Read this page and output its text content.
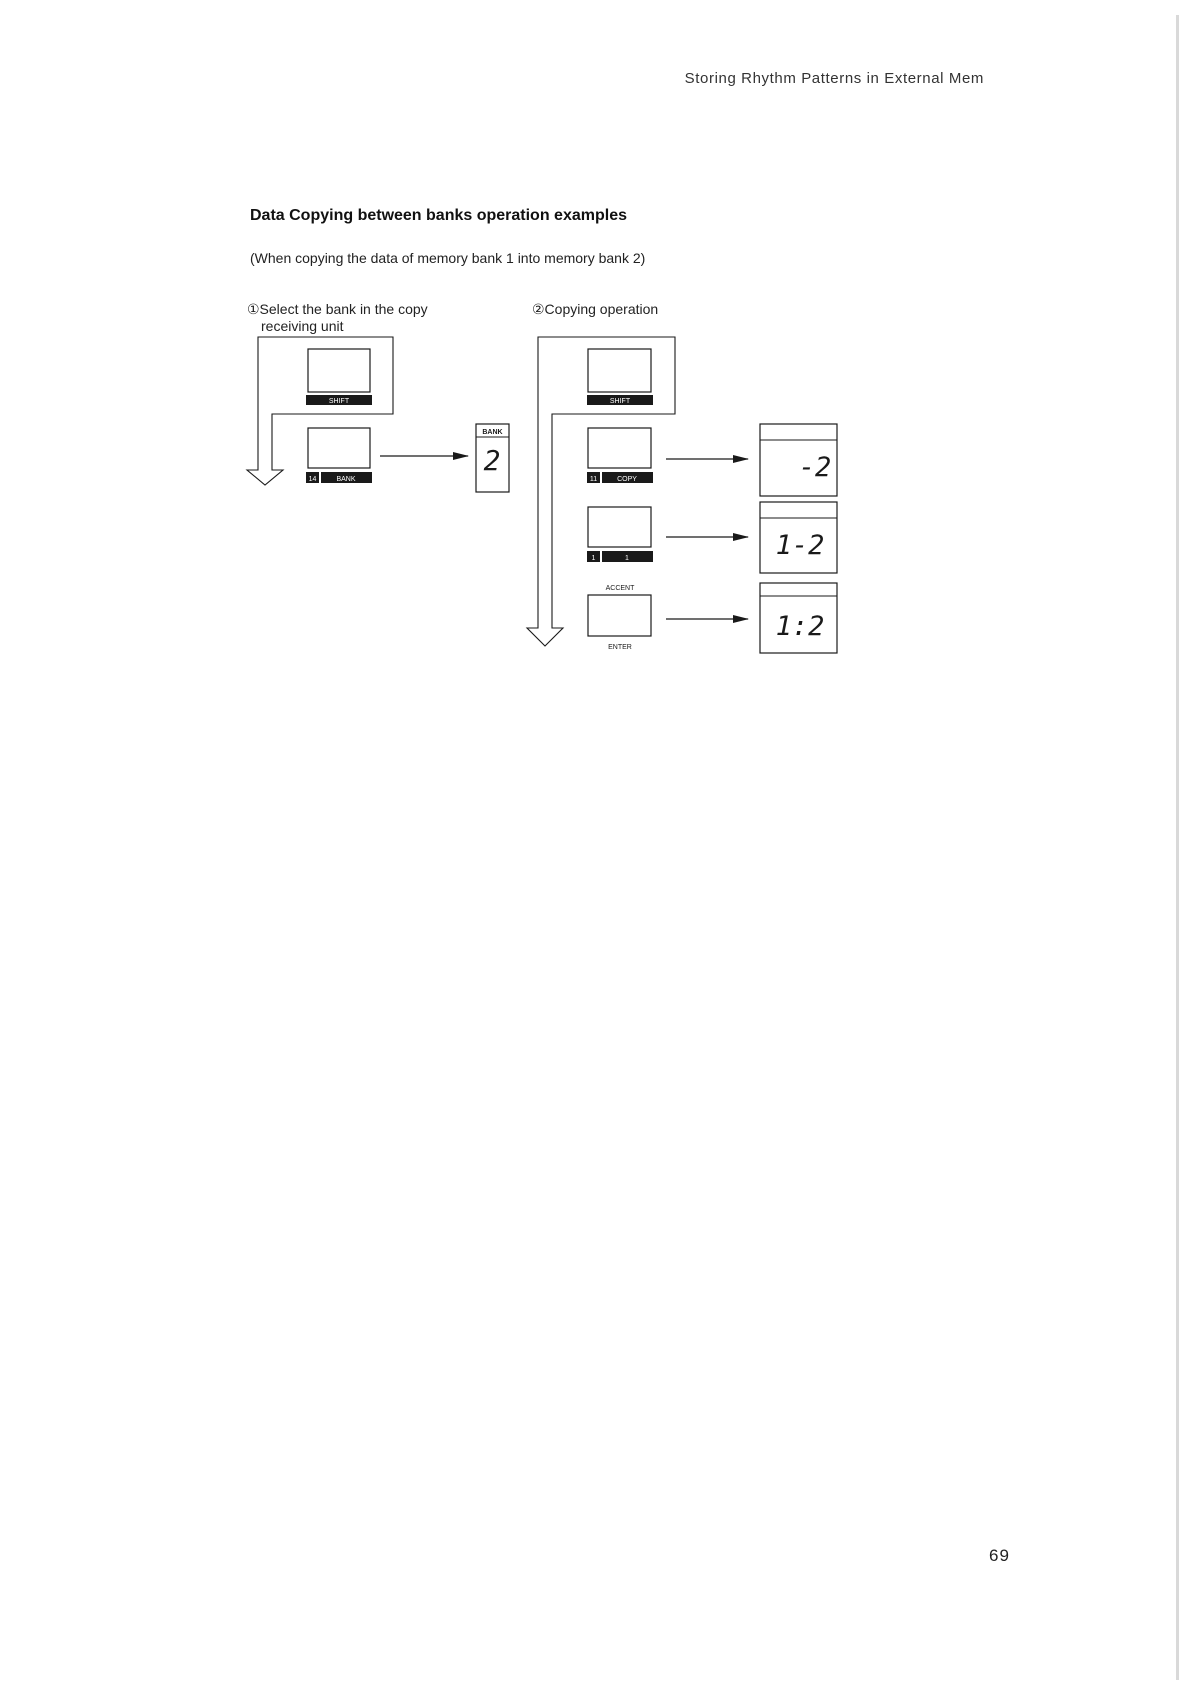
Storing Rhythm Patterns in External Mem
Data Copying between banks operation examples
(When copying the data of memory bank 1 into memory bank 2)
①Select the bank in the copy
receiving unit
②Copying operation
SHIFT
14	BANK
BANK
2
SHIFT
11	COPY
1	1
ACCENT
ENTER
-2
1-2
1:2
69
